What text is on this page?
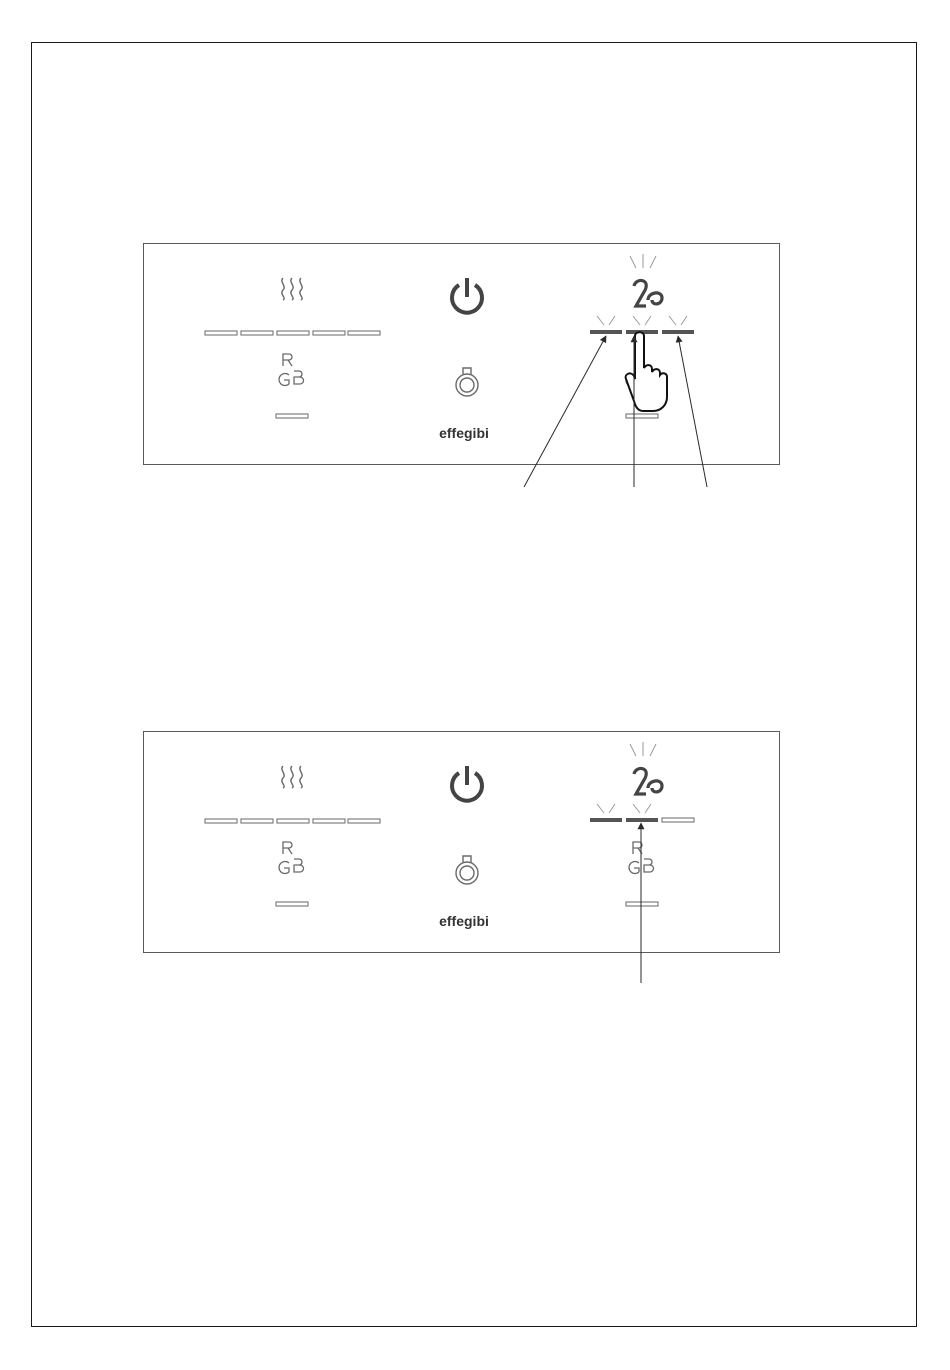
effegibi
effegibi
